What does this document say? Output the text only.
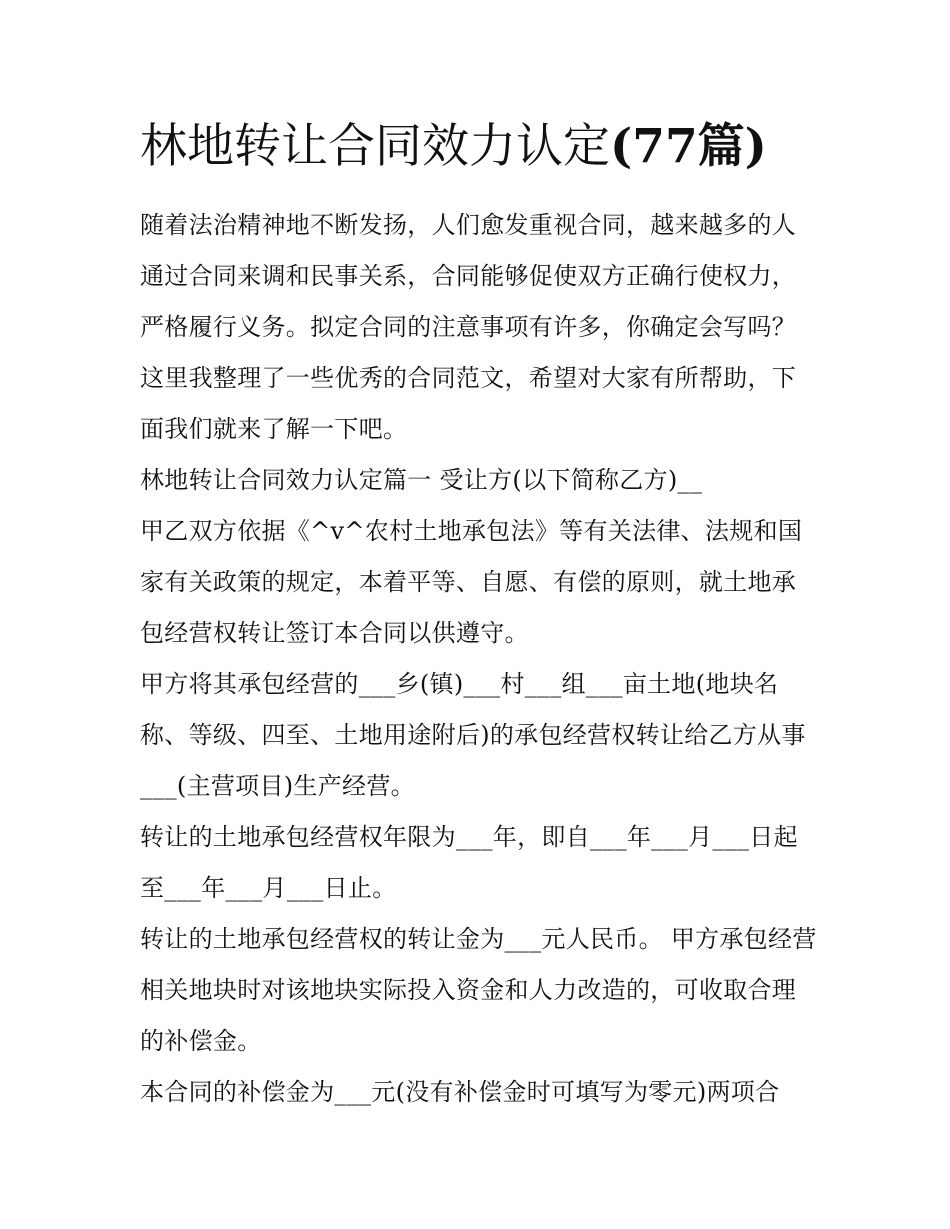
林地转让合同效力认定(77篇)

随着法治精神地不断发扬，人们愈发重视合同，越来越多的人通过合同来调和民事关系，合同能够促使双方正确行使权力，严格履行义务。拟定合同的注意事项有许多，你确定会写吗？这里我整理了一些优秀的合同范文，希望对大家有所帮助，下面我们就来了解一下吧。

林地转让合同效力认定篇一 受让方(以下简称乙方)__

甲乙双方依据《^v^农村土地承包法》等有关法律、法规和国家有关政策的规定，本着平等、自愿、有偿的原则，就土地承包经营权转让签订本合同以供遵守。

甲方将其承包经营的___乡(镇)___村___组___亩土地(地块名称、等级、四至、土地用途附后)的承包经营权转让给乙方从事___(主营项目)生产经营。

转让的土地承包经营权年限为___年，即自___年___月___日起至___年___月___日止。

转让的土地承包经营权的转让金为___元人民币。 甲方承包经营相关地块时对该地块实际投入资金和人力改造的，可收取合理的补偿金。

本合同的补偿金为___元(没有补偿金时可填写为零元)两项合
